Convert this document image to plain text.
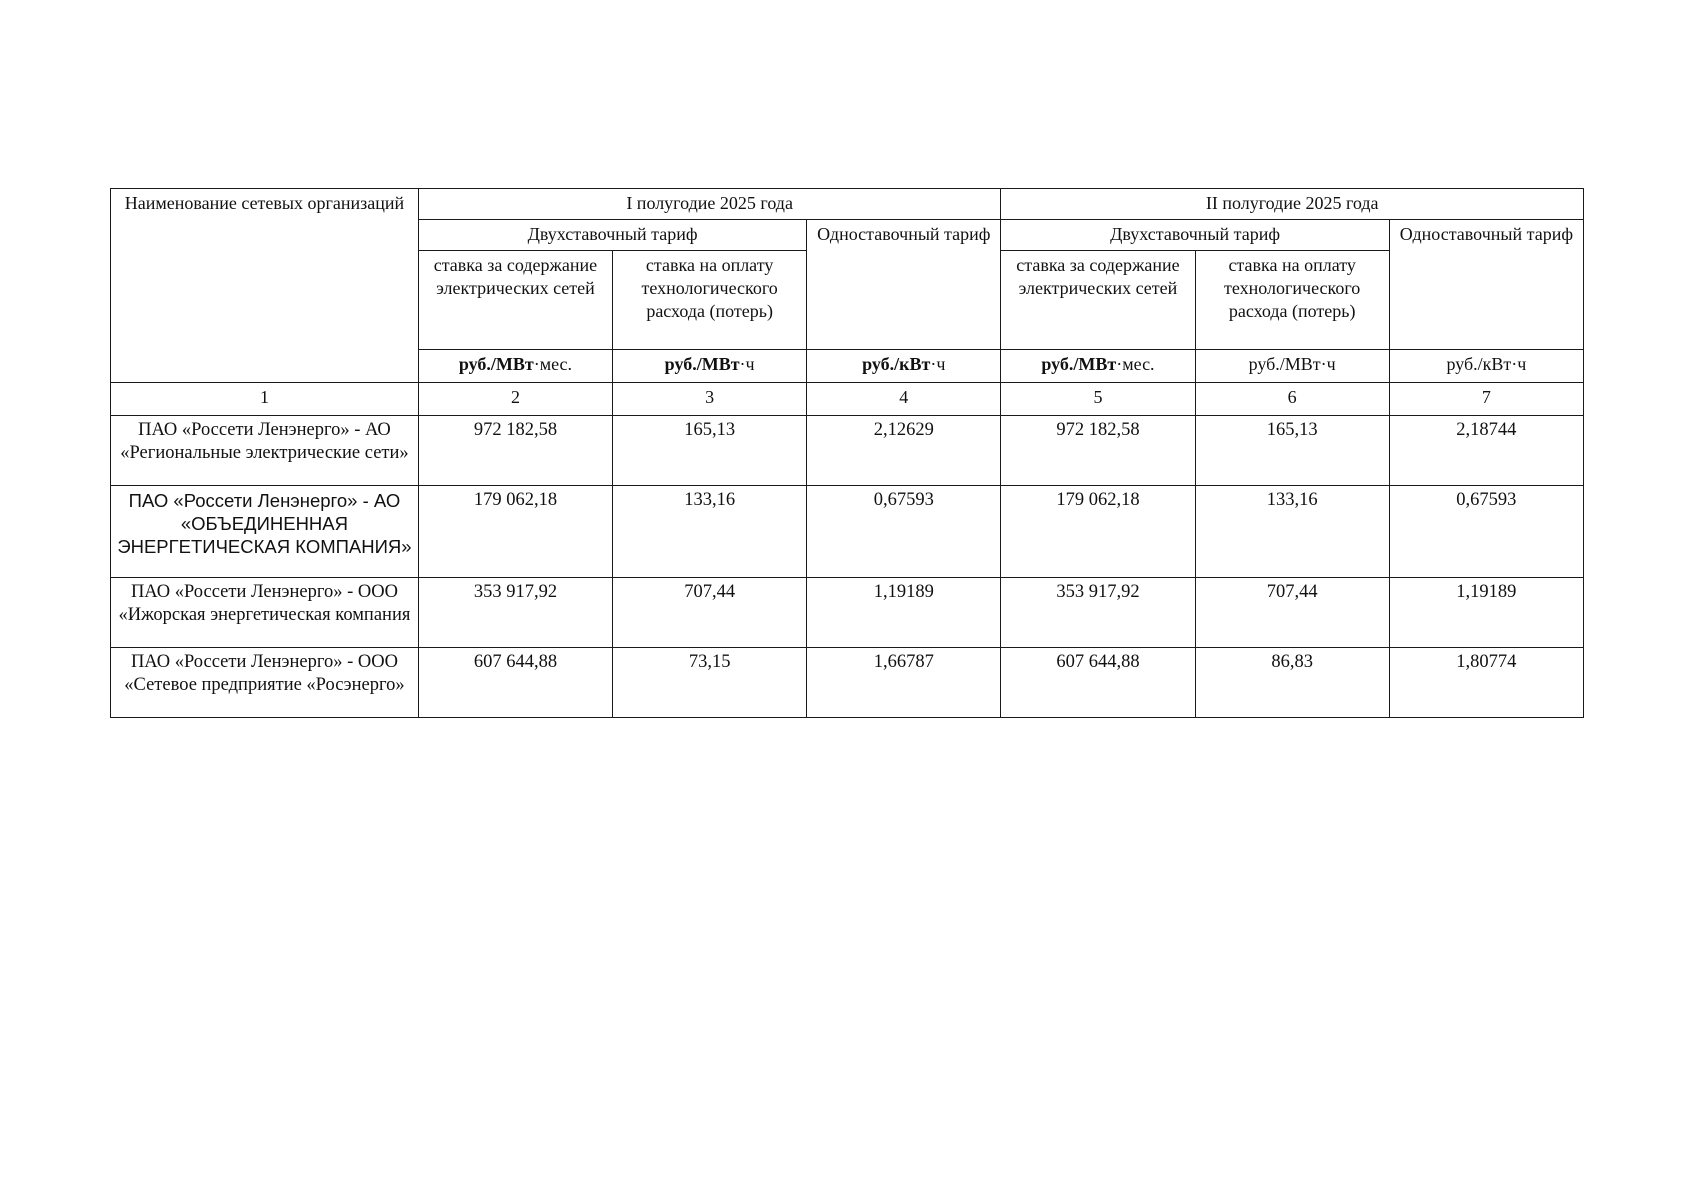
Наименование сетевых организаций	I полугодие 2025 года			II полугодие 2025 года		
	Двухставочный тариф		Одноставочный тариф	Двухставочный тариф		Одноставочный тариф
	ставка за содержание электрических сетей	ставка на оплату технологического расхода (потерь)		ставка за содержание электрических сетей	ставка на оплату технологического расхода (потерь)	
	руб./МВт·мес.	руб./МВт·ч	руб./кВт·ч	руб./МВт·мес.	руб./МВт·ч	руб./кВт·ч
1	2	3	4	5	6	7
ПАО «Россети Ленэнерго» - АО «Региональные электрические сети»	972 182,58	165,13	2,12629	972 182,58	165,13	2,18744
ПАО «Россети Ленэнерго» - АО «ОБЪЕДИНЕННАЯ ЭНЕРГЕТИЧЕСКАЯ КОМПАНИЯ»	179 062,18	133,16	0,67593	179 062,18	133,16	0,67593
ПАО «Россети Ленэнерго» - ООО «Ижорская энергетическая компания	353 917,92	707,44	1,19189	353 917,92	707,44	1,19189
ПАО «Россети Ленэнерго» - ООО «Сетевое предприятие «Росэнерго»	607 644,88	73,15	1,66787	607 644,88	86,83	1,80774
